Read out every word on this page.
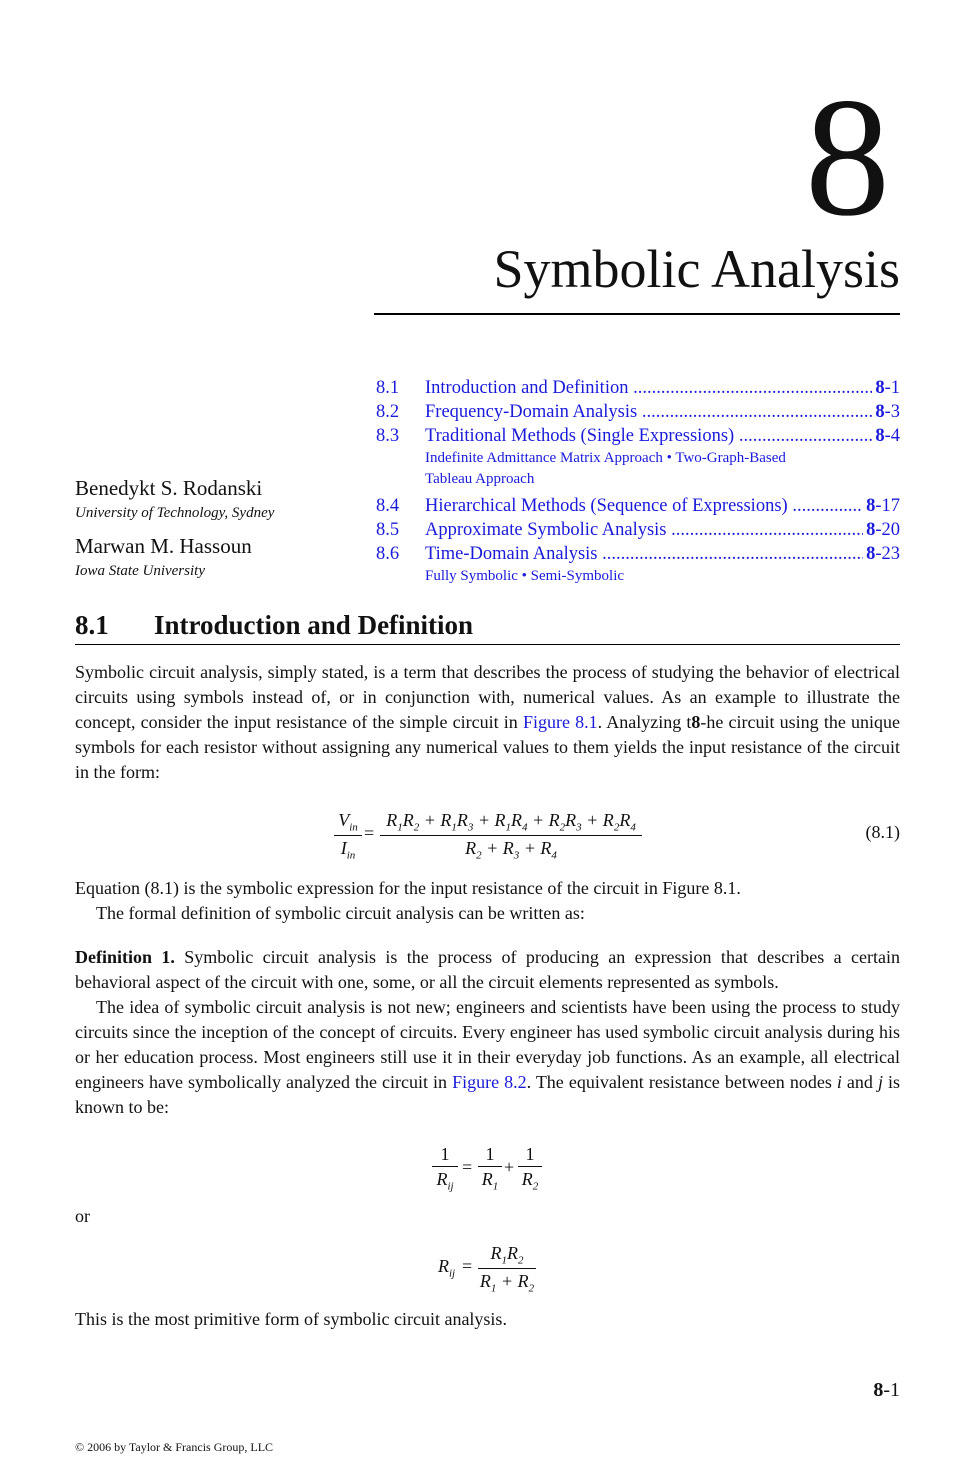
8
Symbolic Analysis
8.1 Introduction and Definition .....	8-1
8.2 Frequency-Domain Analysis .....	8-3
8.3 Traditional Methods (Single Expressions) .....	8-4
Indefinite Admittance Matrix Approach • Two-Graph-Based
Tableau Approach
8.4 Hierarchical Methods (Sequence of Expressions) .....	8-17
8.5 Approximate Symbolic Analysis .....	8-20
8.6 Time-Domain Analysis .....	8-23
Fully Symbolic • Semi-Symbolic
Benedykt S. Rodanski
University of Technology, Sydney
Marwan M. Hassoun
Iowa State University
8.1 Introduction and Definition
Symbolic circuit analysis, simply stated, is a term that describes the process of studying the behavior of electrical circuits using symbols instead of, or in conjunction with, numerical values. As an example to illustrate the concept, consider the input resistance of the simple circuit in Figure 8.1. Analyzing t8-he circuit using the unique symbols for each resistor without assigning any numerical values to them yields the input resistance of the circuit in the form:
$V_{in}$
$I_{in}$
= $\frac{R_1R_2 + R_1R_3 + R_1R_4 + R_2R_3 + R_2R_4}{R_2 + R_3 + R_4}$	(8.1)
Equation (8.1) is the symbolic expression for the input resistance of the circuit in Figure 8.1.
The formal definition of symbolic circuit analysis can be written as:
Definition 1. Symbolic circuit analysis is the process of producing an expression that describes a certain behavioral aspect of the circuit with one, some, or all the circuit elements represented as symbols.
The idea of symbolic circuit analysis is not new; engineers and scientists have been using the process to study circuits since the inception of the concept of circuits. Every engineer has used symbolic circuit analysis during his or her education process. Most engineers still use it in their everyday job functions. As an example, all electrical engineers have symbolically analyzed the circuit in Figure 8.2. The equivalent resistance between nodes i and j is known to be:
1
$R_{ij}$
= $\frac{1}{R_1} + \frac{1}{R_2}$
or
$R_{ij} = \frac{R_1R_2}{R_1 + R_2}$
This is the most primitive form of symbolic circuit analysis.
8-1
© 2006 by Taylor & Francis Group, LLC
